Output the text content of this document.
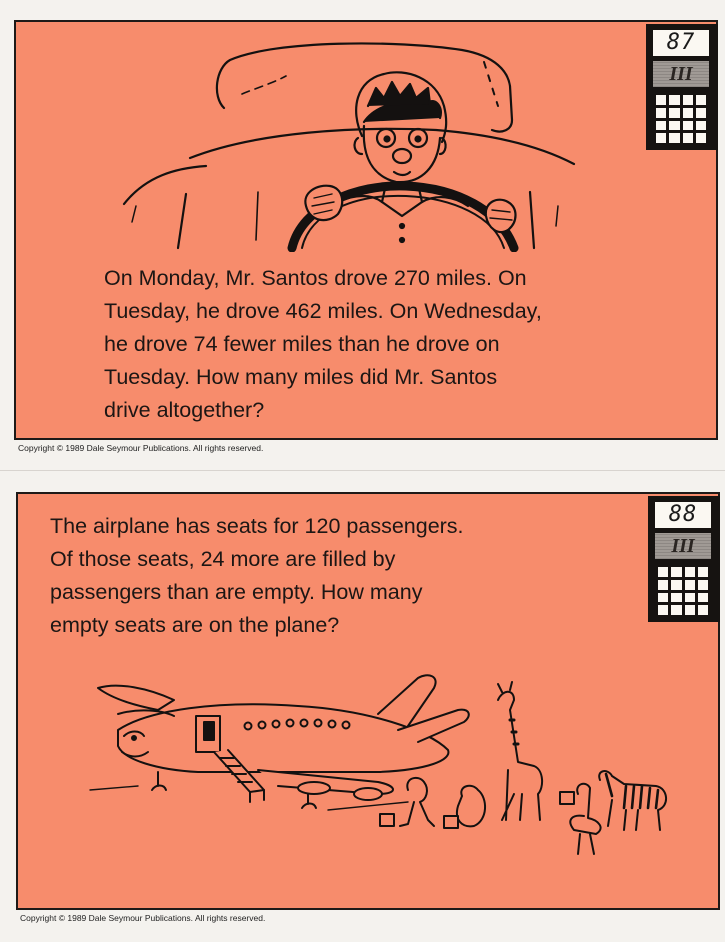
On Monday, Mr. Santos drove 270 miles. On
Tuesday, he drove 462 miles. On Wednesday,
he drove 74 fewer miles than he drove on
Tuesday. How many miles did Mr. Santos
drive altogether?
87
III
Copyright © 1989 Dale Seymour Publications. All rights reserved.
The airplane has seats for 120 passengers.
Of those seats, 24 more are filled by
passengers than are empty. How many
empty seats are on the plane?
88
III
Copyright © 1989 Dale Seymour Publications. All rights reserved.
